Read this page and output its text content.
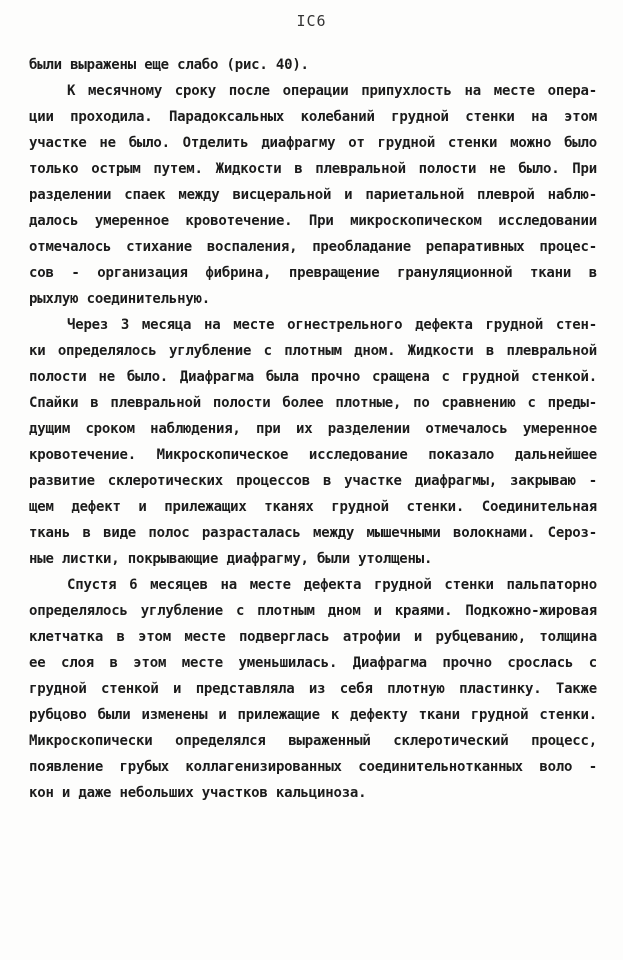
IC6
были выражены еще слабо (рис. 40).
К месячному сроку после операции припухлость на месте опера-
ции проходила. Парадоксальных колебаний грудной стенки на этом
участке не было. Отделить диафрагму от грудной стенки можно было
только острым путем. Жидкости в плевральной полости не было. При
разделении спаек между висцеральной и париетальной плеврой наблю-
далось умеренное кровотечение. При микроскопическом исследовании
отмечалось стихание воспаления, преобладание репаративных процес-
сов - организация фибрина, превращение грануляционной ткани в
рыхлую соединительную.
Через 3 месяца на месте огнестрельного дефекта грудной стен-
ки определялось углубление с плотным дном. Жидкости в плевральной
полости не было. Диафрагма была прочно сращена с грудной стенкой.
Спайки в плевральной полости более плотные, по сравнению с преды-
дущим сроком наблюдения, при их разделении отмечалось умеренное
кровотечение. Микроскопическое исследование показало дальнейшее
развитие склеротических процессов в участке диафрагмы, закрываю -
щем дефект и прилежащих тканях грудной стенки. Соединительная
ткань в виде полос разрасталась между мышечными волокнами. Сероз-
ные листки, покрывающие диафрагму, были утолщены.
Спустя 6 месяцев на месте дефекта грудной стенки пальпаторно
определялось углубление с плотным дном и краями. Подкожно-жировая
клетчатка в этом месте подверглась атрофии и рубцеванию, толщина
ее слоя в этом месте уменьшилась. Диафрагма прочно срослась с
грудной стенкой и представляла из себя плотную пластинку. Также
рубцово были изменены и прилежащие к дефекту ткани грудной стенки.
Микроскопически определялся выраженный склеротический процесс,
появление грубых коллагенизированных соединительнотканных воло -
кон и даже небольших участков кальциноза.
